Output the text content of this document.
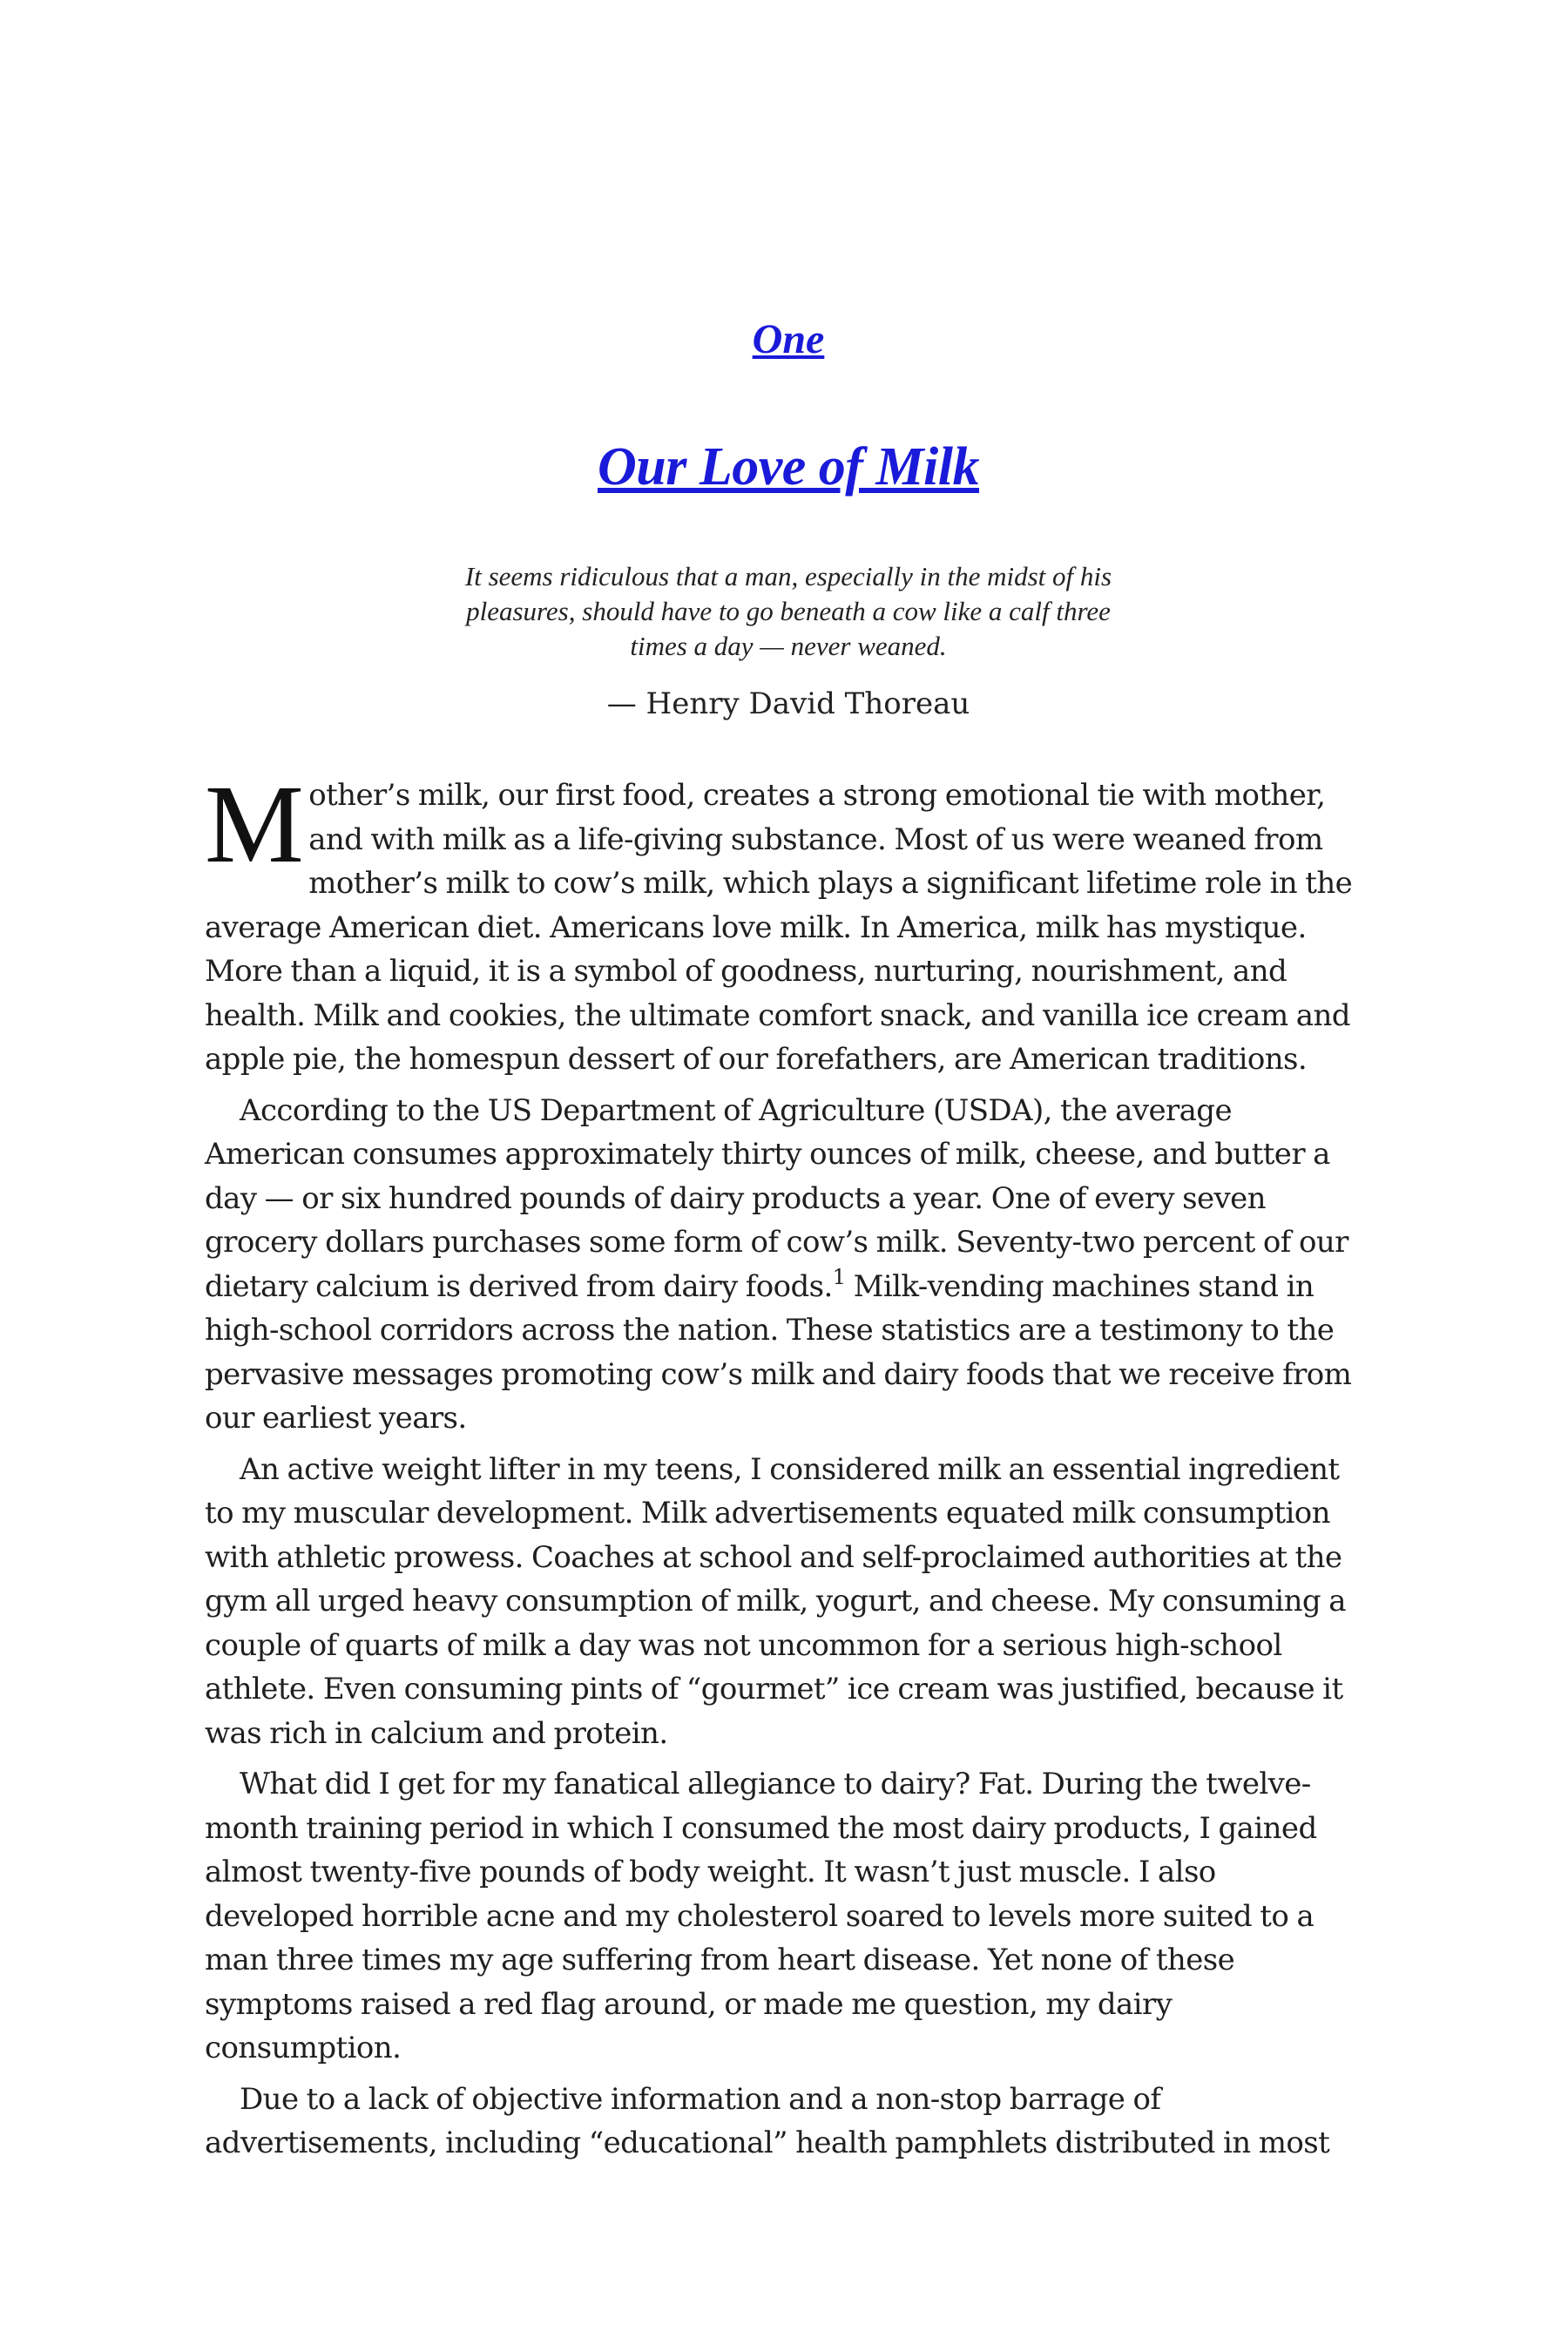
One
Our Love of Milk
It seems ridiculous that a man, especially in the midst of his pleasures, should have to go beneath a cow like a calf three times a day — never weaned.
— Henry David Thoreau

Mother’s milk, our first food, creates a strong emotional tie with mother, and with milk as a life-giving substance. Most of us were weaned from mother’s milk to cow’s milk, which plays a significant lifetime role in the average American diet. Americans love milk. In America, milk has mystique. More than a liquid, it is a symbol of goodness, nurturing, nourishment, and health. Milk and cookies, the ultimate comfort snack, and vanilla ice cream and apple pie, the homespun dessert of our forefathers, are American traditions.

According to the US Department of Agriculture (USDA), the average American consumes approximately thirty ounces of milk, cheese, and butter a day — or six hundred pounds of dairy products a year. One of every seven grocery dollars purchases some form of cow’s milk. Seventy-two percent of our dietary calcium is derived from dairy foods.$^1$ Milk-vending machines stand in high-school corridors across the nation. These statistics are a testimony to the pervasive messages promoting cow’s milk and dairy foods that we receive from our earliest years.

An active weight lifter in my teens, I considered milk an essential ingredient to my muscular development. Milk advertisements equated milk consumption with athletic prowess. Coaches at school and self-proclaimed authorities at the gym all urged heavy consumption of milk, yogurt, and cheese. My consuming a couple of quarts of milk a day was not uncommon for a serious high-school athlete. Even consuming pints of “gourmet” ice cream was justified, because it was rich in calcium and protein.

What did I get for my fanatical allegiance to dairy? Fat. During the twelve-month training period in which I consumed the most dairy products, I gained almost twenty-five pounds of body weight. It wasn’t just muscle. I also developed horrible acne and my cholesterol soared to levels more suited to a man three times my age suffering from heart disease. Yet none of these symptoms raised a red flag around, or made me question, my dairy consumption.

Due to a lack of objective information and a non-stop barrage of advertisements, including “educational” health pamphlets distributed in most
